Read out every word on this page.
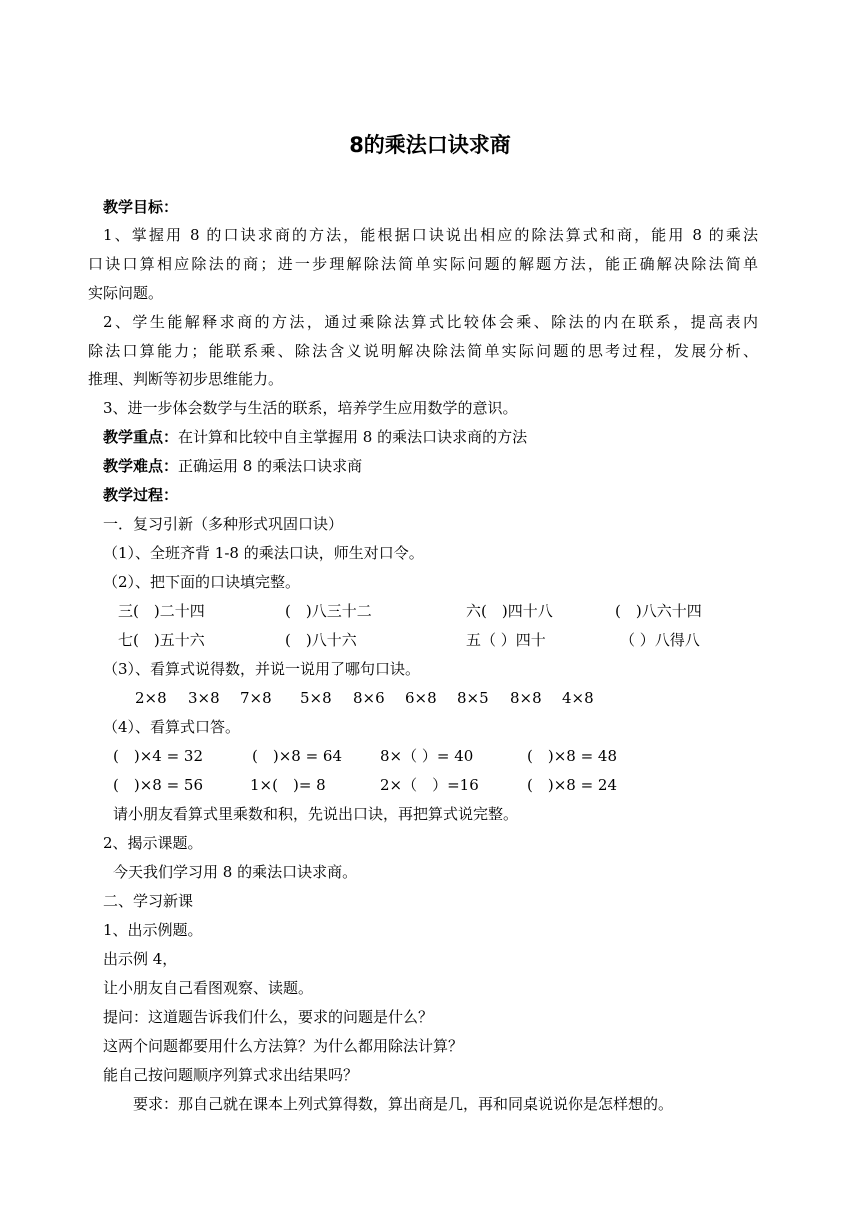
8的乘法口诀求商
教学目标：
1、掌握用 8 的口诀求商的方法，能根据口诀说出相应的除法算式和商，能用 8 的乘法
口诀口算相应除法的商；进一步理解除法简单实际问题的解题方法，能正确解决除法简单
实际问题。
2、学生能解释求商的方法，通过乘除法算式比较体会乘、除法的内在联系，提高表内
除法口算能力；能联系乘、除法含义说明解决除法简单实际问题的思考过程，发展分析、
推理、判断等初步思维能力。
3、进一步体会数学与生活的联系，培养学生应用数学的意识。
教学重点：在计算和比较中自主掌握用 8 的乘法口诀求商的方法
教学难点：正确运用 8 的乘法口诀求商
教学过程：
一．复习引新（多种形式巩固口诀）
（1）、全班齐背 1-8 的乘法口诀，师生对口令。
（2）、把下面的口诀填完整。
三(　)二十四	(　)八三十二	六(　)四十八	(　)八六十四
七(　)五十六	(　)八十六	五（ ）四十	（ ）八得八
（3）、看算式说得数，并说一说用了哪句口诀。
2×8 3×8 7×8 5×8 8×6 6×8 8×5 8×8 4×8
（4）、看算式口答。
(　)×4 = 32	(　)×8 = 64	8×（ ）= 40	(　)×8 = 48
(　)×8 = 56	1×(　)= 8	2×（　）=16	(　)×8 = 24
请小朋友看算式里乘数和积，先说出口诀，再把算式说完整。
2、揭示课题。
今天我们学习用 8 的乘法口诀求商。
二、学习新课
1、出示例题。
出示例 4，
让小朋友自己看图观察、读题。
提问：这道题告诉我们什么，要求的问题是什么？
这两个问题都要用什么方法算？为什么都用除法计算？
能自己按问题顺序列算式求出结果吗？
要求：那自己就在课本上列式算得数，算出商是几，再和同桌说说你是怎样想的。
